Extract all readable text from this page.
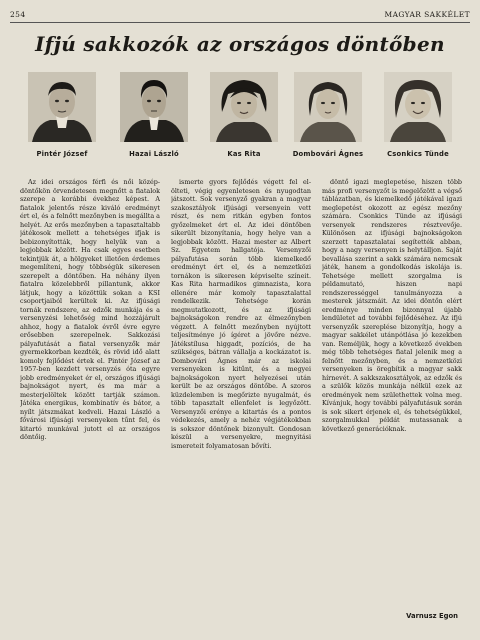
254	MAGYAR SAKKÉLET
Ifjú sakkozók az országos döntőben
Pintér József	Hazai László	Kas Rita	Dombovári Ágnes	Csonkics Tünde

Az idei országos férfi és női közép-döntőkön örvendetesen megnőtt a fiatalok szerepe a korábbi évekhez képest. A fiatalok jelentős része kiváló eredményt ért el, és a felnőtt mezőnyben is megállta a helyét. Az erős mezőnyben a tapasztaltabb játékosok mellett a tehetséges ifjak is bebizonyították, hogy helyük van a legjobbak között. Ha csak egyes esetben tekintjük át, a hölgyeket illetően érdemes megemlíteni, hogy többségük sikeresen szerepelt a döntőben. Ha néhány ilyen fiatalra közelebbről pillantunk, akkor látjuk, hogy a közöttük sokan a KSI csoportjaiból kerültek ki. Az ifjúsági tornák rendszere, az edzők munkája és a versenyzési lehetőség mind hozzájárult ahhoz, hogy a fiatalok évről évre egyre erősebben szerepelnek. Sakkozási pályafutását a fiatal versenyzők már gyermekkorban kezdték, és rövid idő alatt komoly fejlődést értek el. Pintér József az 1957-ben kezdett versenyzés óta egyre jobb eredményeket ér el, országos ifjúsági bajnokságot nyert, és ma már a mesterjelöltek között tartják számon. Játéka energikus, kombinatív és bátor, a nyílt játszmákat kedveli. Hazai László a fővárosi ifjúsági versenyeken tűnt fel, és kitartó munkával jutott el az országos döntőig.

ismerte gyors fejlődés végett fel el-ölteti, végig egyenletesen és nyugodtan játszott. Sok versenyző gyakran a magyar szakosztályok ifjúsági versenyein vett részt, és nem ritkán egyben fontos győzelmeket ért el. Az idei döntőben sikerült bizonyítania, hogy helye van a legjobbak között. Hazai mester az Albert Sz. Egyetem hallgatója. Versenyzői pályafutása során több kiemelkedő eredményt ért el, és a nemzetközi tornákon is sikeresen képviselte színeit. Kas Rita harmadikos gimnazista, kora ellenére már komoly tapasztalattal rendelkezik. Tehetsége korán megmutatkozott, és az ifjúsági bajnokságokon rendre az élmezőnyben végzett. A felnőtt mezőnyben nyújtott teljesítménye jó ígéret a jövőre nézve. Játékstílusa higgadt, pozíciós, de ha szükséges, bátran vállalja a kockázatot is. Dombovári Ágnes már az iskolai versenyeken is kitűnt, és a megyei bajnokságokon nyert helyezései után került be az országos döntőbe. A szoros küzdelemben is megőrizte nyugalmát, és több tapasztalt ellenfelet is legyőzött. Versenyzői erénye a kitartás és a pontos védekezés, amely a nehéz végjátékokban is sokszor döntőnek bizonyult. Gondosan készül a versenyekre, megnyitási ismereteit folyamatosan bővíti.

döntő igazi meglepetése, hiszen több más profi versenyzőt is megelőzött a végső táblázatban, és kiemelkedő játékával igazi meglepetést okozott az egész mezőny számára. Csonkics Tünde az ifjúsági versenyek rendszeres résztvevője. Különösen az ifjúsági bajnokságokon szerzett tapasztalatai segítették abban, hogy a nagy versenyen is helytálljon. Saját bevallása szerint a sakk számára nemcsak játék, hanem a gondolkodás iskolája is. Tehetsége mellett szorgalma is példamutató, hiszen napi rendszerességgel tanulmányozza a mesterek játszmáit. Az idei döntőn elért eredménye minden bizonnyal újabb lendületet ad további fejlődéséhez. Az ifjú versenyzők szereplése bizonyítja, hogy a magyar sakkélet utánpótlása jó kezekben van. Reméljük, hogy a következő években még több tehetséges fiatal jelenik meg a felnőtt mezőnyben, és a nemzetközi versenyeken is öregbítik a magyar sakk hírnevét. A sakkszakosztályok, az edzők és a szülők közös munkája nélkül ezek az eredmények nem születhettek volna meg. Kívánjuk, hogy további pályafutásuk során is sok sikert érjenek el, és tehetségükkel, szorgalmukkal példát mutassanak a következő generációknak.

Varnusz Egon
